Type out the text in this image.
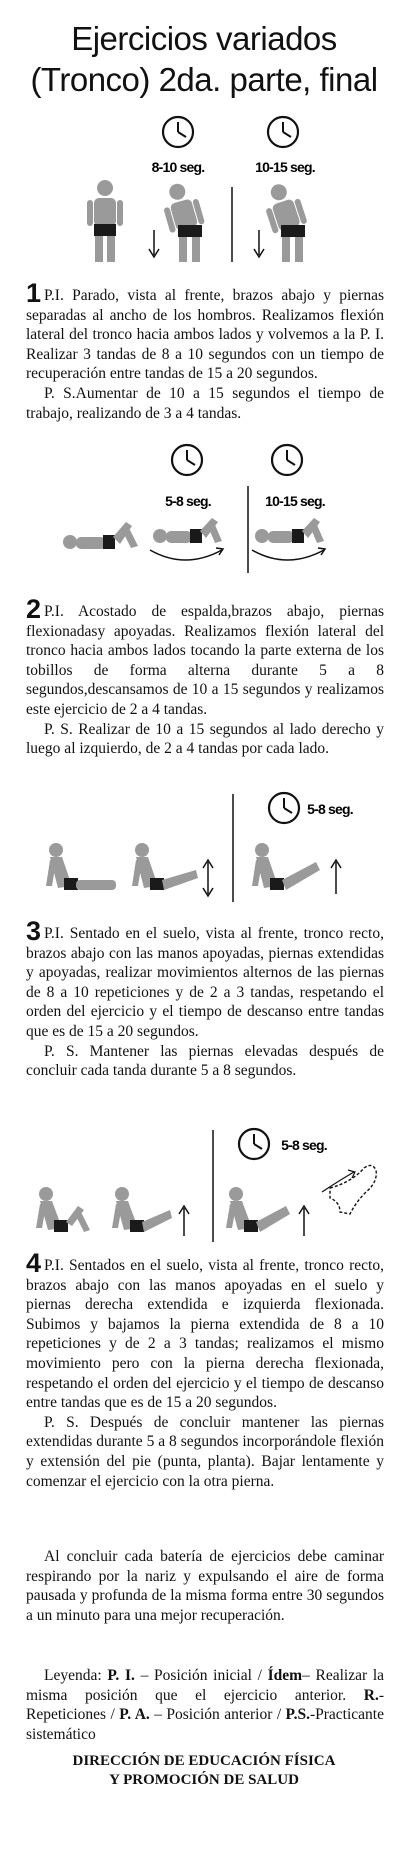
Ejercicios variados
(Tronco) 2da. parte, final
8-10 seg.	10-15 seg.

1 P.I. Parado, vista al frente, brazos abajo y piernas separadas al ancho de los hombros. Realizamos flexión lateral del tronco hacia ambos lados y volvemos a la P. I. Realizar 3 tandas de 8 a 10 segundos con un tiempo de recuperación entre tandas de 15 a 20 segundos.

P. S.Aumentar de 10 a 15 segundos el tiempo de trabajo, realizando de 3 a 4 tandas.

5-8 seg.	10-15 seg.

2 P.I. Acostado de espalda,brazos abajo, piernas flexionadasy apoyadas. Realizamos flexión lateral del tronco hacia ambos lados tocando la parte externa de los tobillos de forma alterna durante 5 a 8 segundos,descansamos de 10 a 15 segundos y realizamos este ejercicio de 2 a 4 tandas.

P. S. Realizar de 10 a 15 segundos al lado derecho y luego al izquierdo, de 2 a 4 tandas por cada lado.

5-8 seg.

3 P.I. Sentado en el suelo, vista al frente, tronco recto, brazos abajo con las manos apoyadas, piernas extendidas y apoyadas, realizar movimientos alternos de las piernas de 8 a 10 repeticiones y de 2 a 3 tandas, respetando el orden del ejercicio y el tiempo de descanso entre tandas que es de 15 a 20 segundos.

P. S. Mantener las piernas elevadas después de concluir cada tanda durante 5 a 8 segundos.

5-8 seg.

4 P.I. Sentados en el suelo, vista al frente, tronco recto, brazos abajo con las manos apoyadas en el suelo y piernas derecha extendida e izquierda flexionada. Subimos y bajamos la pierna extendida de 8 a 10 repeticiones y de 2 a 3 tandas; realizamos el mismo movimiento pero con la pierna derecha flexionada, respetando el orden del ejercicio y el tiempo de descanso entre tandas que es de 15 a 20 segundos.

P. S. Después de concluir mantener las piernas extendidas durante 5 a 8 segundos incorporándole flexión y extensión del pie (punta, planta). Bajar lentamente y comenzar el ejercicio con la otra pierna.

Al concluir cada batería de ejercicios debe caminar respirando por la nariz y expulsando el aire de forma pausada y profunda de la misma forma entre 30 segundos a un minuto para una mejor recuperación.

Leyenda: P. I. – Posición inicial / Ídem– Realizar la misma posición que el ejercicio anterior. R.- Repeticiones / P. A. – Posición anterior / P.S.-Practicante sistemático

DIRECCIÓN DE EDUCACIÓN FÍSICA
Y PROMOCIÓN DE SALUD
